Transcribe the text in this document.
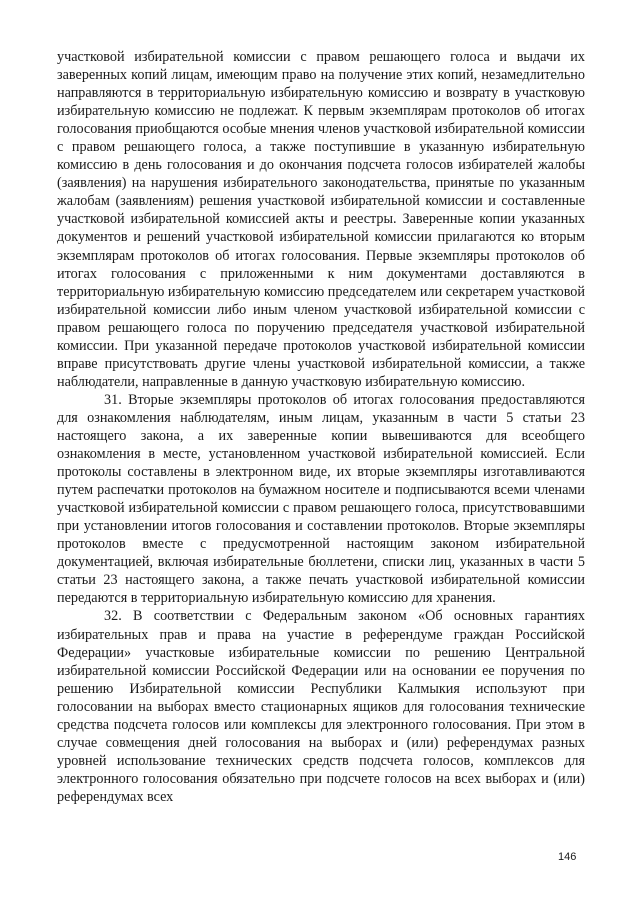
участковой избирательной комиссии с правом решающего голоса и выдачи их заверенных копий лицам, имеющим право на получение этих копий, незамедлительно направляются в территориальную избирательную комиссию и возврату в участковую избирательную комиссию не подлежат. К первым экземплярам протоколов об итогах голосования приобщаются особые мнения членов участковой избирательной комиссии с правом решающего голоса, а также поступившие в указанную избирательную комиссию в день голосования и до окончания подсчета голосов избирателей жалобы (заявления) на нарушения избирательного законодательства, принятые по указанным жалобам (заявлениям) решения участковой избирательной комиссии и составленные участковой избирательной комиссией акты и реестры. Заверенные копии указанных документов и решений участковой избирательной комиссии прилагаются ко вторым экземплярам протоколов об итогах голосования. Первые экземпляры протоколов об итогах голосования с приложенными к ним документами доставляются в территориальную избирательную комиссию председателем или секретарем участковой избирательной комиссии либо иным членом участковой избирательной комиссии с правом решающего голоса по поручению председателя участковой избирательной комиссии. При указанной передаче протоколов участковой избирательной комиссии вправе присутствовать другие члены участковой избирательной комиссии, а также наблюдатели, направленные в данную участковую избирательную комиссию.

31. Вторые экземпляры протоколов об итогах голосования предоставляются для ознакомления наблюдателям, иным лицам, указанным в части 5 статьи 23 настоящего закона, а их заверенные копии вывешиваются для всеобщего ознакомления в месте, установленном участковой избирательной комиссией. Если протоколы составлены в электронном виде, их вторые экземпляры изготавливаются путем распечатки протоколов на бумажном носителе и подписываются всеми членами участковой избирательной комиссии с правом решающего голоса, присутствовавшими при установлении итогов голосования и составлении протоколов. Вторые экземпляры протоколов вместе с предусмотренной настоящим законом избирательной документацией, включая избирательные бюллетени, списки лиц, указанных в части 5 статьи 23 настоящего закона, а также печать участковой избирательной комиссии передаются в территориальную избирательную комиссию для хранения.

32. В соответствии с Федеральным законом «Об основных гарантиях избирательных прав и права на участие в референдуме граждан Российской Федерации» участковые избирательные комиссии по решению Центральной избирательной комиссии Российской Федерации или на основании ее поручения по решению Избирательной комиссии Республики Калмыкия используют при голосовании на выборах вместо стационарных ящиков для голосования технические средства подсчета голосов или комплексы для электронного голосования. При этом в случае совмещения дней голосования на выборах и (или) референдумах разных уровней использование технических средств подсчета голосов, комплексов для электронного голосования обязательно при подсчете голосов на всех выборах и (или) референдумах всех

146
